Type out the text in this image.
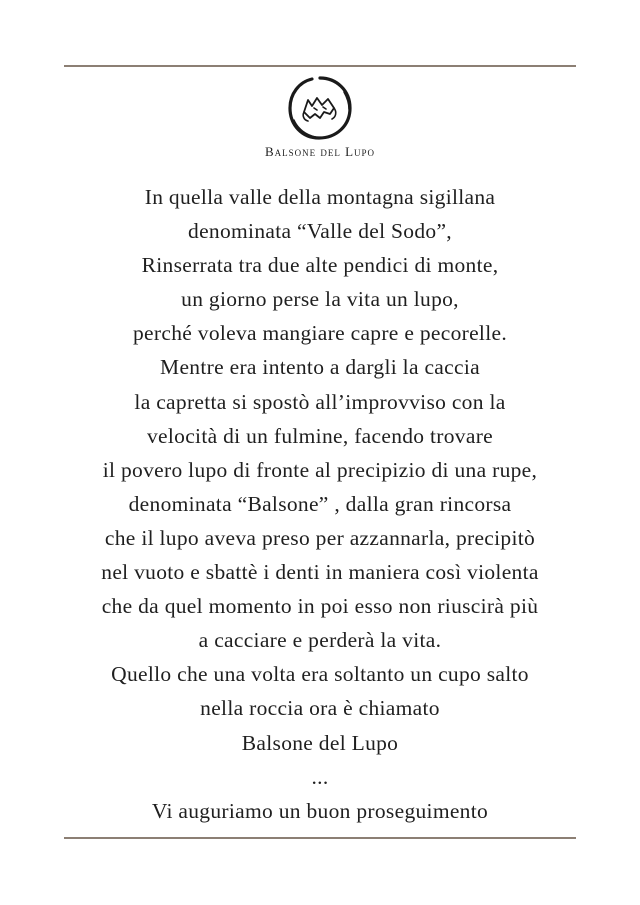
Balsone del Lupo
In quella valle della montagna sigillana
denominata “Valle del Sodo”,
Rinserrata tra due alte pendici di monte,
un giorno perse la vita un lupo,
perché voleva mangiare capre e pecorelle.
Mentre era intento a dargli la caccia
la capretta si spostò all’improvviso con la
velocità di un fulmine, facendo trovare
il povero lupo di fronte al precipizio di una rupe,
denominata “Balsone” , dalla gran rincorsa
che il lupo aveva preso per azzannarla, precipitò
nel vuoto e sbattè i denti in maniera così violenta
che da quel momento in poi esso non riuscirà più
a cacciare e perderà la vita.
Quello che una volta era soltanto un cupo salto
nella roccia ora è chiamato
Balsone del Lupo
...
Vi auguriamo un buon proseguimento
